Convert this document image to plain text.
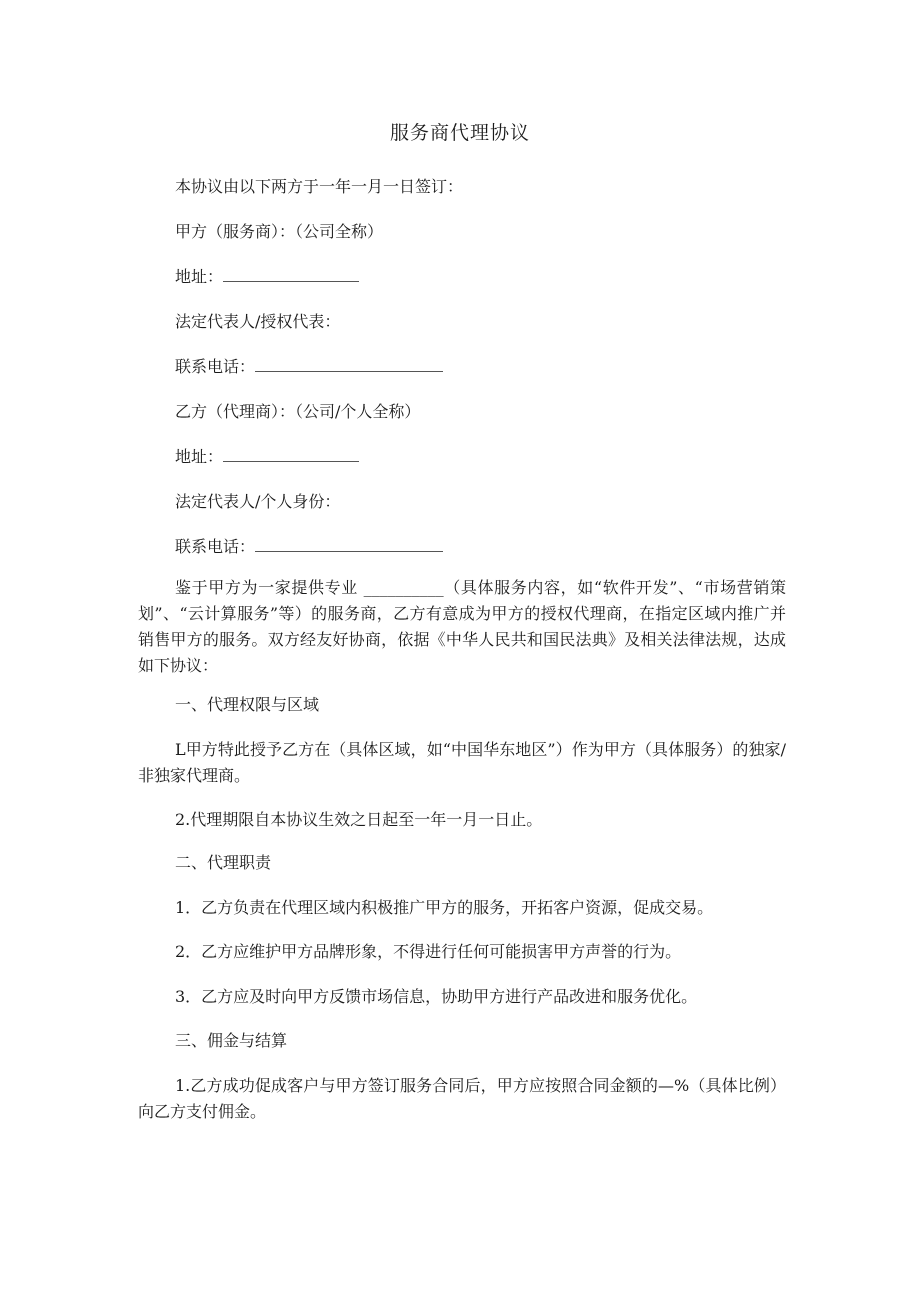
服务商代理协议
本协议由以下两方于一年一月一日签订：
甲方（服务商）：（公司全称）
地址：
法定代表人/授权代表：
联系电话：
乙方（代理商）：（公司/个人全称）
地址：
法定代表人/个人身份：
联系电话：
鉴于甲方为一家提供专业 __________（具体服务内容，如“软件开发”、“市场营销策划”、“云计算服务”等）的服务商，乙方有意成为甲方的授权代理商，在指定区域内推广并销售甲方的服务。双方经友好协商，依据《中华人民共和国民法典》及相关法律法规，达成如下协议：
一、代理权限与区域
L甲方特此授予乙方在（具体区域，如“中国华东地区”）作为甲方（具体服务）的独家/非独家代理商。
2.代理期限自本协议生效之日起至一年一月一日止。
二、代理职责
1．乙方负责在代理区域内积极推广甲方的服务，开拓客户资源，促成交易。
2．乙方应维护甲方品牌形象，不得进行任何可能损害甲方声誉的行为。
3．乙方应及时向甲方反馈市场信息，协助甲方进行产品改进和服务优化。
三、佣金与结算
1.乙方成功促成客户与甲方签订服务合同后，甲方应按照合同金额的—%（具体比例）向乙方支付佣金。
